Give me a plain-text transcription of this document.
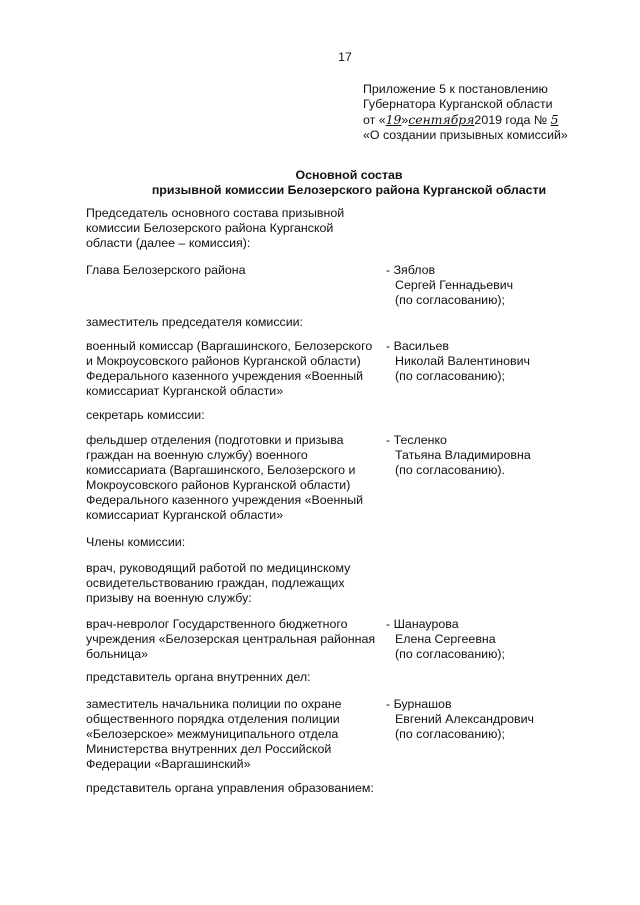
17
Приложение 5 к постановлению
Губернатора Курганской области
от «19»сентября2019 года № 5
«О создании призывных комиссий»
Основной состав
призывной комиссии Белозерского района Курганской области
Председатель основного состава призывной
комиссии Белозерского района Курганской
области (далее – комиссия):
Глава Белозерского района	- Зяблов
Сергей Геннадьевич
(по согласованию);
заместитель председателя комиссии:
военный комиссар (Варгашинского, Белозерского
и Мокроусовского районов Курганской области)
Федерального казенного учреждения «Военный
комиссариат Курганской области»
- Васильев
Николай Валентинович
(по согласованию);
секретарь комиссии:
фельдшер отделения (подготовки и призыва
граждан на военную службу) военного
комиссариата (Варгашинского, Белозерского и
Мокроусовского районов Курганской области)
Федерального казенного учреждения «Военный
комиссариат Курганской области»
- Тесленко
Татьяна Владимировна
(по согласованию).
Члены комиссии:
врач, руководящий работой по медицинскому
освидетельствованию граждан, подлежащих
призыву на военную службу:
врач-невролог Государственного бюджетного
учреждения «Белозерская центральная районная
больница»
- Шанаурова
Елена Сергеевна
(по согласованию);
представитель органа внутренних дел:
заместитель начальника полиции по охране
общественного порядка отделения полиции
«Белозерское» межмуниципального отдела
Министерства внутренних дел Российской
Федерации «Варгашинский»
- Бурнашов
Евгений Александрович
(по согласованию);
представитель органа управления образованием:
